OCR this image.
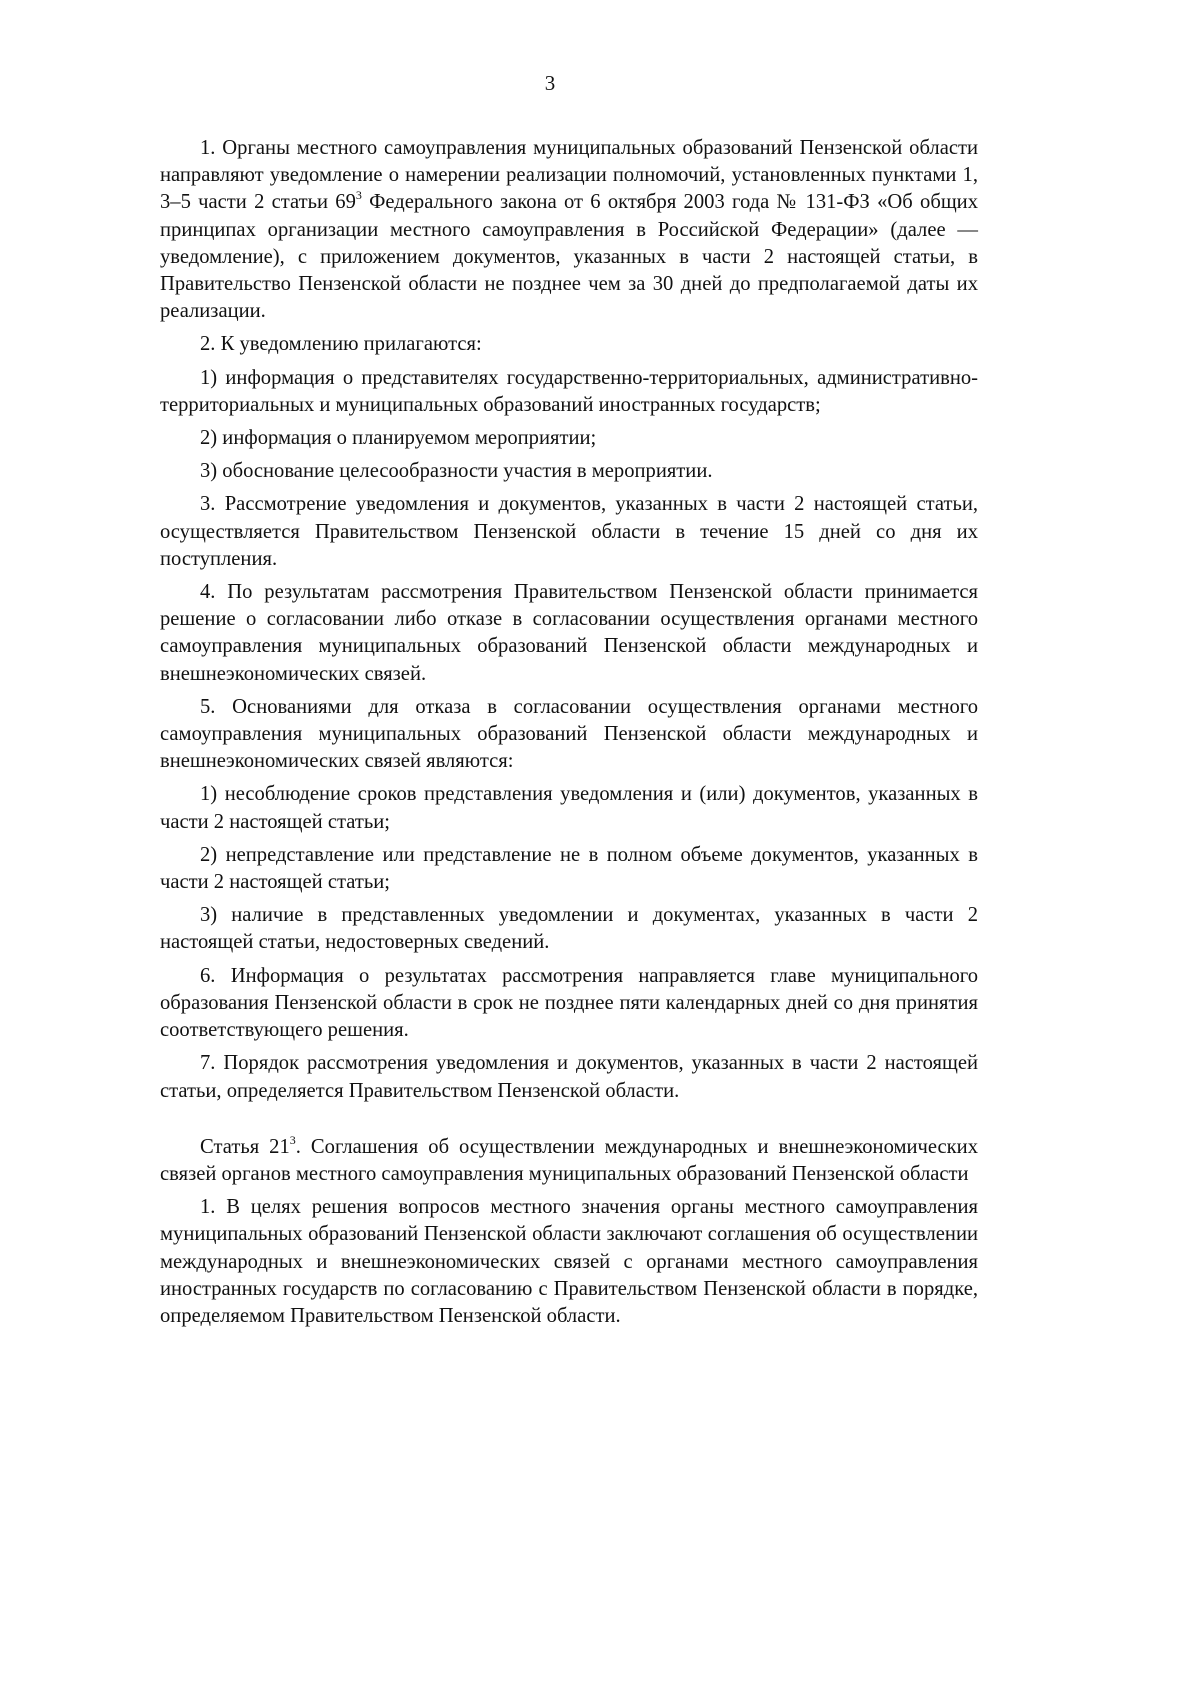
3

1. Органы местного самоуправления муниципальных образований Пензенской области направляют уведомление о намерении реализации полномочий, установленных пунктами 1, 3–5 части 2 статьи $69^3$ Федерального закона от 6 октября 2003 года № 131-ФЗ «Об общих принципах организации местного самоуправления в Российской Федерации» (далее — уведомление), с приложением документов, указанных в части 2 настоящей статьи, в Правительство Пензенской области не позднее чем за 30 дней до предполагаемой даты их реализации.

2. К уведомлению прилагаются:

1) информация о представителях государственно-территориальных, административно-территориальных и муниципальных образований иностранных государств;

2) информация о планируемом мероприятии;

3) обоснование целесообразности участия в мероприятии.

3. Рассмотрение уведомления и документов, указанных в части 2 настоящей статьи, осуществляется Правительством Пензенской области в течение 15 дней со дня их поступления.

4. По результатам рассмотрения Правительством Пензенской области принимается решение о согласовании либо отказе в согласовании осуществления органами местного самоуправления муниципальных образований Пензенской области международных и внешнеэкономических связей.

5. Основаниями для отказа в согласовании осуществления органами местного самоуправления муниципальных образований Пензенской области международных и внешнеэкономических связей являются:

1) несоблюдение сроков представления уведомления и (или) документов, указанных в части 2 настоящей статьи;

2) непредставление или представление не в полном объеме документов, указанных в части 2 настоящей статьи;

3) наличие в представленных уведомлении и документах, указанных в части 2 настоящей статьи, недостоверных сведений.

6. Информация о результатах рассмотрения направляется главе муниципального образования Пензенской области в срок не позднее пяти календарных дней со дня принятия соответствующего решения.

7. Порядок рассмотрения уведомления и документов, указанных в части 2 настоящей статьи, определяется Правительством Пензенской области.

Статья $21^3$. Соглашения об осуществлении международных и внешнеэкономических связей органов местного самоуправления муниципальных образований Пензенской области

1. В целях решения вопросов местного значения органы местного самоуправления муниципальных образований Пензенской области заключают соглашения об осуществлении международных и внешнеэкономических связей с органами местного самоуправления иностранных государств по согласованию с Правительством Пензенской области в порядке, определяемом Правительством Пензенской области.
